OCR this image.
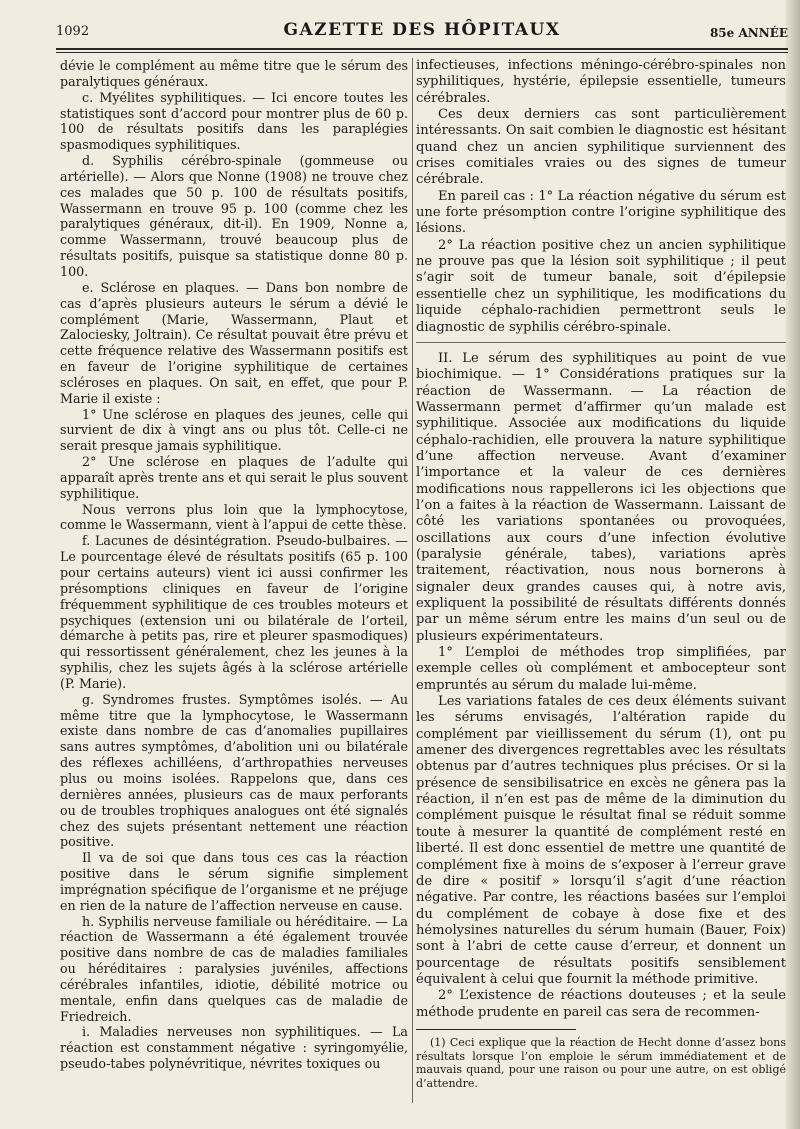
1092	GAZETTE DES HÔPITAUX	85e ANNÉE

dévie le complément au même titre que le sérum des paralytiques généraux.

c. Myélites syphilitiques. — Ici encore toutes les statistiques sont d’accord pour montrer plus de 60 p. 100 de résultats positifs dans les paraplégies spasmodiques syphilitiques.

d. Syphilis cérébro-spinale (gommeuse ou artérielle). — Alors que Nonne (1908) ne trouve chez ces malades que 50 p. 100 de résultats positifs, Wassermann en trouve 95 p. 100 (comme chez les paralytiques généraux, dit-il). En 1909, Nonne a, comme Wassermann, trouvé beaucoup plus de résultats positifs, puisque sa statistique donne 80 p. 100.

e. Sclérose en plaques. — Dans bon nombre de cas d’après plusieurs auteurs le sérum a dévié le complément (Marie, Wassermann, Plaut et Zalociesky, Joltrain). Ce résultat pouvait être prévu et cette fréquence relative des Wassermann positifs est en faveur de l’origine syphilitique de certaines scléroses en plaques. On sait, en effet, que pour P. Marie il existe :

1° Une sclérose en plaques des jeunes, celle qui survient de dix à vingt ans ou plus tôt. Celle-ci ne serait presque jamais syphilitique.

2° Une sclérose en plaques de l’adulte qui apparaît après trente ans et qui serait le plus souvent syphilitique.

Nous verrons plus loin que la lymphocytose, comme le Wassermann, vient à l’appui de cette thèse.

f. Lacunes de désintégration. Pseudo-bulbaires. — Le pourcentage élevé de résultats positifs (65 p. 100 pour certains auteurs) vient ici aussi confirmer les présomptions cliniques en faveur de l’origine fréquemment syphilitique de ces troubles moteurs et psychiques (extension uni ou bilatérale de l’orteil, démarche à petits pas, rire et pleurer spasmodiques) qui ressortissent généralement, chez les jeunes à la syphilis, chez les sujets âgés à la sclérose artérielle (P. Marie).

g. Syndromes frustes. Symptômes isolés. — Au même titre que la lymphocytose, le Wassermann existe dans nombre de cas d’anomalies pupillaires sans autres symptômes, d’abolition uni ou bilatérale des réflexes achilléens, d’arthropathies nerveuses plus ou moins isolées. Rappelons que, dans ces dernières années, plusieurs cas de maux perforants ou de troubles trophiques analogues ont été signalés chez des sujets présentant nettement une réaction positive.

Il va de soi que dans tous ces cas la réaction positive dans le sérum signifie simplement imprégnation spécifique de l’organisme et ne préjuge en rien de la nature de l’affection nerveuse en cause.

h. Syphilis nerveuse familiale ou héréditaire. — La réaction de Wassermann a été également trouvée positive dans nombre de cas de maladies familiales ou héréditaires : paralysies juvéniles, affections cérébrales infantiles, idiotie, débilité motrice ou mentale, enfin dans quelques cas de maladie de Friedreich.

i. Maladies nerveuses non syphilitiques. — La réaction est constamment négative : syringomyélie, pseudo-tabes polynévritique, névrites toxiques ou

infectieuses, infections méningo-cérébro-spinales non syphilitiques, hystérie, épilepsie essentielle, tumeurs cérébrales.

Ces deux derniers cas sont particulièrement intéressants. On sait combien le diagnostic est hésitant quand chez un ancien syphilitique surviennent des crises comitiales vraies ou des signes de tumeur cérébrale.

En pareil cas : 1° La réaction négative du sérum est une forte présomption contre l’origine syphilitique des lésions.

2° La réaction positive chez un ancien syphilitique ne prouve pas que la lésion soit syphilitique ; il peut s’agir soit de tumeur banale, soit d’épilepsie essentielle chez un syphilitique, les modifications du liquide céphalo-rachidien permettront seuls le diagnostic de syphilis cérébro-spinale.

II. Le sérum des syphilitiques au point de vue biochimique. — 1° Considérations pratiques sur la réaction de Wassermann. — La réaction de Wassermann permet d’affirmer qu’un malade est syphilitique. Associée aux modifications du liquide céphalo-rachidien, elle prouvera la nature syphilitique d’une affection nerveuse. Avant d’examiner l’importance et la valeur de ces dernières modifications nous rappellerons ici les objections que l’on a faites à la réaction de Wassermann. Laissant de côté les variations spontanées ou provoquées, oscillations aux cours d’une infection évolutive (paralysie générale, tabes), variations après traitement, réactivation, nous nous bornerons à signaler deux grandes causes qui, à notre avis, expliquent la possibilité de résultats différents donnés par un même sérum entre les mains d’un seul ou de plusieurs expérimentateurs.

1° L’emploi de méthodes trop simplifiées, par exemple celles où complément et ambocepteur sont empruntés au sérum du malade lui-même.

Les variations fatales de ces deux éléments suivant les sérums envisagés, l’altération rapide du complément par vieillissement du sérum (1), ont pu amener des divergences regrettables avec les résultats obtenus par d’autres techniques plus précises. Or si la présence de sensibilisatrice en excès ne gênera pas la réaction, il n’en est pas de même de la diminution du complément puisque le résultat final se réduit somme toute à mesurer la quantité de complément resté en liberté. Il est donc essentiel de mettre une quantité de complément fixe à moins de s’exposer à l’erreur grave de dire « positif » lorsqu’il s’agit d’une réaction négative. Par contre, les réactions basées sur l’emploi du complément de cobaye à dose fixe et des hémolysines naturelles du sérum humain (Bauer, Foix) sont à l’abri de cette cause d’erreur, et donnent un pourcentage de résultats positifs sensiblement équivalent à celui que fournit la méthode primitive.

2° L’existence de réactions douteuses ; et la seule méthode prudente en pareil cas sera de recommen-

(1) Ceci explique que la réaction de Hecht donne d’assez bons résultats lorsque l’on emploie le sérum immédiatement et de mauvais quand, pour une raison ou pour une autre, on est obligé d’attendre.
